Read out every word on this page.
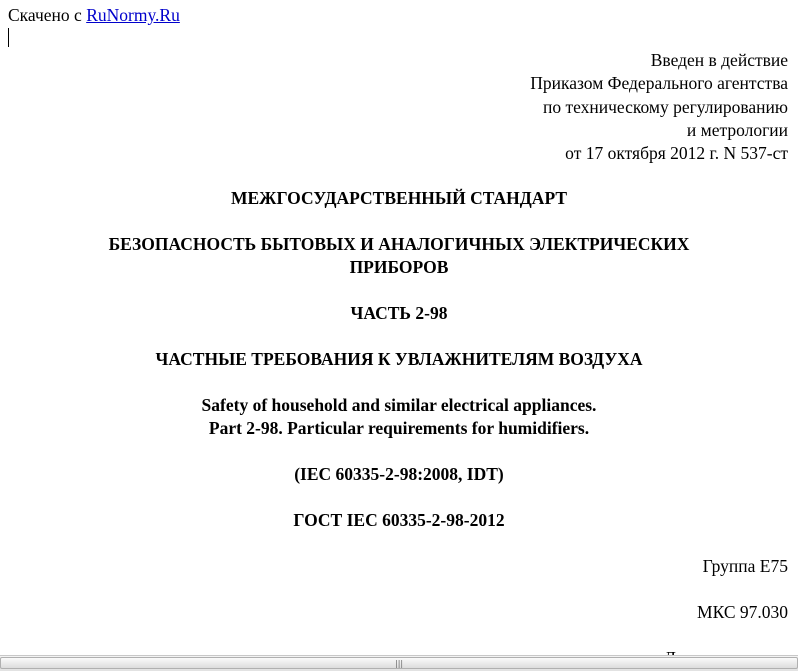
Скачено с RuNormy.Ru
Введен в действие
Приказом Федерального агентства
по техническому регулированию
и метрологии
от 17 октября 2012 г. N 537-ст
МЕЖГОСУДАРСТВЕННЫЙ СТАНДАРТ
БЕЗОПАСНОСТЬ БЫТОВЫХ И АНАЛОГИЧНЫХ ЭЛЕКТРИЧЕСКИХ
ПРИБОРОВ
ЧАСТЬ 2-98
ЧАСТНЫЕ ТРЕБОВАНИЯ К УВЛАЖНИТЕЛЯМ ВОЗДУХА
Safety of household and similar electrical appliances.
Part 2-98. Particular requirements for humidifiers.
(IEC 60335-2-98:2008, IDT)
ГОСТ IEC 60335-2-98-2012
Группа Е75
МКС 97.030
|||
